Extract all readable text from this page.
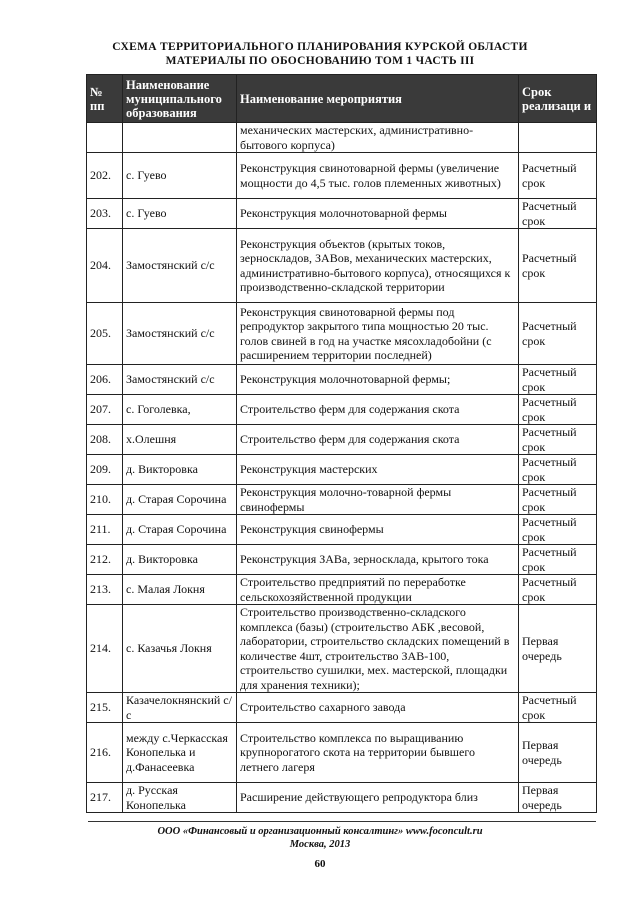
СХЕМА ТЕРРИТОРИАЛЬНОГО ПЛАНИРОВАНИЯ КУРСКОЙ ОБЛАСТИ
МАТЕРИАЛЫ ПО ОБОСНОВАНИЮ ТОМ 1 ЧАСТЬ III
№ пп	Наименование муниципального образования	Наименование мероприятия	Срок реализаци и
		механических мастерских, административно-бытового корпуса)	
202.	с. Гуево	Реконструкция свинотоварной фермы (увеличение мощности до 4,5 тыс. голов племенных животных)	Расчетный срок
203.	с. Гуево	Реконструкция молочнотоварной фермы	Расчетный срок
204.	Замостянский с/с	Реконструкция объектов (крытых токов, зерноскладов, ЗАВов, механических мастерских, административно-бытового корпуса), относящихся к производственно-складской территории	Расчетный срок
205.	Замостянский с/с	Реконструкция свинотоварной фермы под репродуктор закрытого типа мощностью 20 тыс. голов свиней в год на участке мясохладобойни (с расширением территории последней)	Расчетный срок
206.	Замостянский с/с	Реконструкция молочнотоварной фермы;	Расчетный срок
207.	с. Гоголевка,	Строительство ферм для содержания скота	Расчетный срок
208.	х.Олешня	Строительство ферм для содержания скота	Расчетный срок
209.	д. Викторовка	Реконструкция мастерских	Расчетный срок
210.	д. Старая Сорочина	Реконструкция молочно-товарной фермы свинофермы	Расчетный срок
211.	д. Старая Сорочина	Реконструкция свинофермы	Расчетный срок
212.	д. Викторовка	Реконструкция ЗАВа, зерносклада, крытого тока	Расчетный срок
213.	с. Малая Локня	Строительство предприятий по переработке сельскохозяйственной продукции	Расчетный срок
214.	с. Казачья Локня	Строительство производственно-складского комплекса (базы) (строительство АБК ,весовой, лаборатории, строительство складских помещений в количестве 4шт, строительство ЗАВ-100, строительство сушилки, мех. мастерской, площадки для хранения техники);	Первая очередь
215.	Казачелокнянский с/с	Строительство сахарного завода	Расчетный срок
216.	между с.Черкасская Конопелька и д.Фанасеевка	Строительство комплекса по выращиванию крупнорогатого скота на территории бывшего летнего лагеря	Первая очередь
217.	д. Русская Конопелька	Расширение действующего репродуктора близ	Первая очередь
ООО «Финансовый и организационный консалтинг» www.foconcult.ru
Москва, 2013
60
